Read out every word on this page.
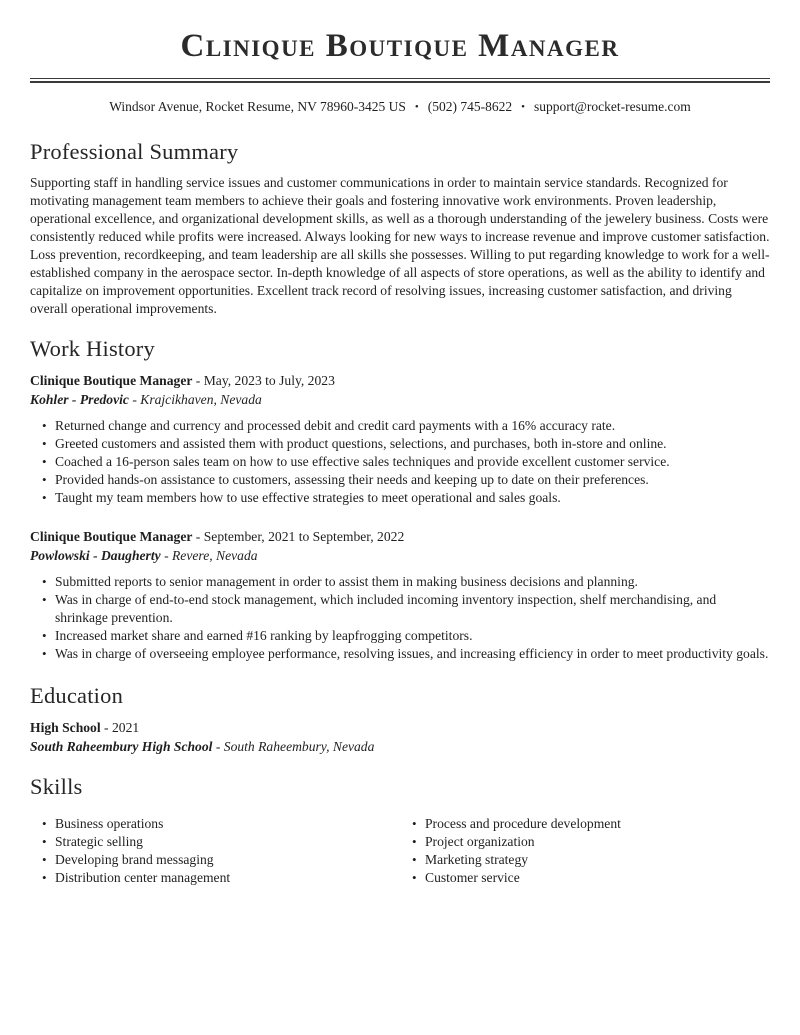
Clinique Boutique Manager

Windsor Avenue, Rocket Resume, NV 78960-3425 US • (502) 745-8622 • support@rocket-resume.com

Professional Summary

Supporting staff in handling service issues and customer communications in order to maintain service standards. Recognized for motivating management team members to achieve their goals and fostering innovative work environments. Proven leadership, operational excellence, and organizational development skills, as well as a thorough understanding of the jewelery business. Costs were consistently reduced while profits were increased. Always looking for new ways to increase revenue and improve customer satisfaction. Loss prevention, recordkeeping, and team leadership are all skills she possesses. Willing to put regarding knowledge to work for a well-established company in the aerospace sector. In-depth knowledge of all aspects of store operations, as well as the ability to identify and capitalize on improvement opportunities. Excellent track record of resolving issues, increasing customer satisfaction, and driving overall operational improvements.

Work History

Clinique Boutique Manager - May, 2023 to July, 2023

Kohler - Predovic - Krajcikhaven, Nevada

• Returned change and currency and processed debit and credit card payments with a 16% accuracy rate.
• Greeted customers and assisted them with product questions, selections, and purchases, both in-store and online.
• Coached a 16-person sales team on how to use effective sales techniques and provide excellent customer service.
• Provided hands-on assistance to customers, assessing their needs and keeping up to date on their preferences.
• Taught my team members how to use effective strategies to meet operational and sales goals.

Clinique Boutique Manager - September, 2021 to September, 2022

Powlowski - Daugherty - Revere, Nevada

• Submitted reports to senior management in order to assist them in making business decisions and planning.
• Was in charge of end-to-end stock management, which included incoming inventory inspection, shelf merchandising, and shrinkage prevention.
• Increased market share and earned #16 ranking by leapfrogging competitors.
• Was in charge of overseeing employee performance, resolving issues, and increasing efficiency in order to meet productivity goals.
Education

High School - 2021

South Raheembury High School - South Raheembury, Nevada

Skills
• Business operations
• Strategic selling
• Developing brand messaging
• Distribution center management
• Process and procedure development
• Project organization
• Marketing strategy
• Customer service
